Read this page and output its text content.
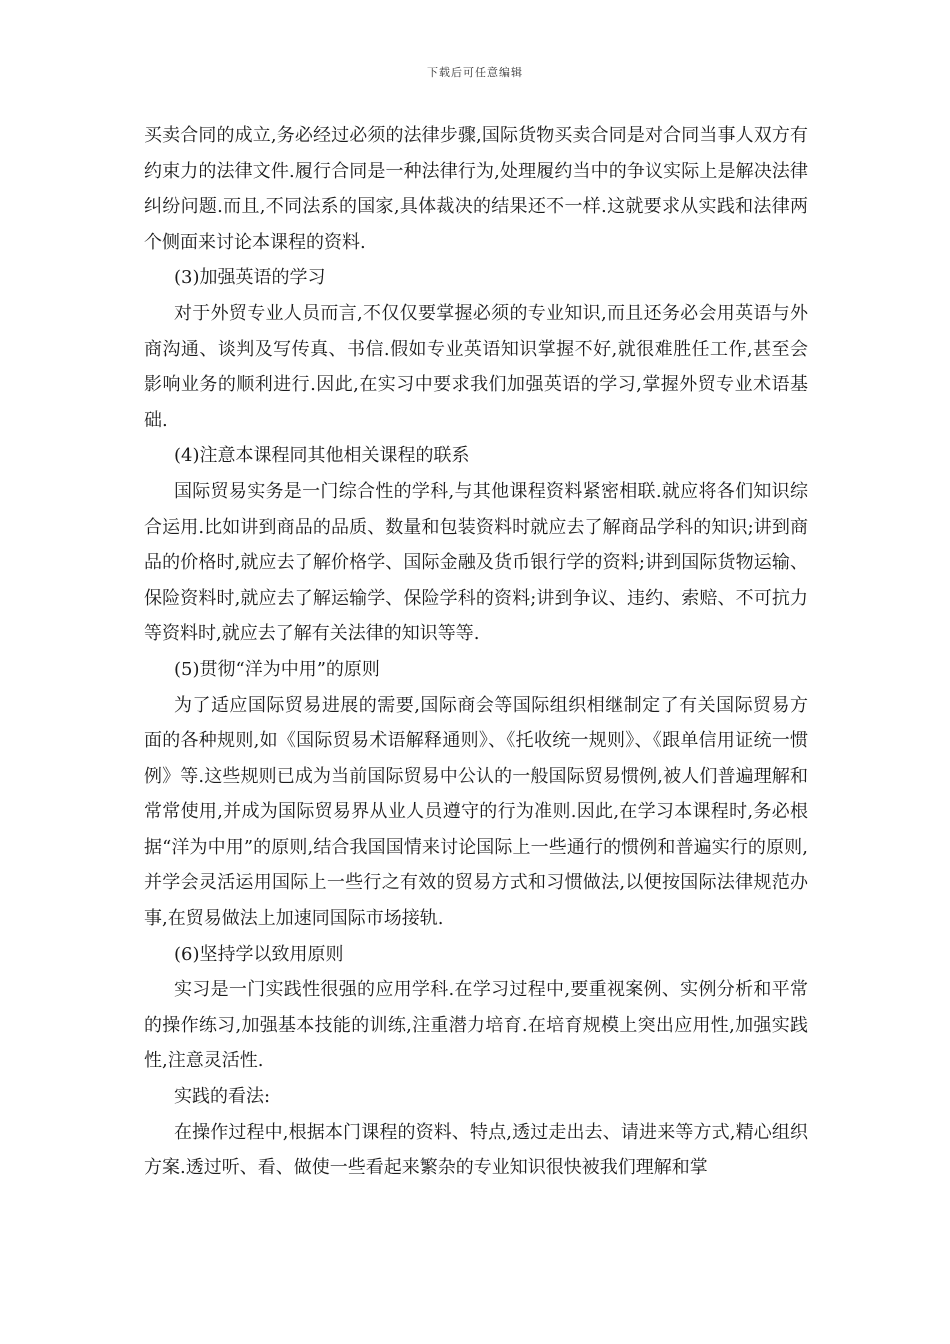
下载后可任意编辑

买卖合同的成立,务必经过必须的法律步骤,国际货物买卖合同是对合同当事人双方有约束力的法律文件.履行合同是一种法律行为,处理履约当中的争议实际上是解决法律纠纷问题.而且,不同法系的国家,具体裁决的结果还不一样.这就要求从实践和法律两个侧面来讨论本课程的资料.

(3)加强英语的学习

对于外贸专业人员而言,不仅仅要掌握必须的专业知识,而且还务必会用英语与外商沟通、谈判及写传真、书信.假如专业英语知识掌握不好,就很难胜任工作,甚至会影响业务的顺利进行.因此,在实习中要求我们加强英语的学习,掌握外贸专业术语基础.

(4)注意本课程同其他相关课程的联系

国际贸易实务是一门综合性的学科,与其他课程资料紧密相联.就应将各们知识综合运用.比如讲到商品的品质、数量和包装资料时就应去了解商品学科的知识;讲到商品的价格时,就应去了解价格学、国际金融及货币银行学的资料;讲到国际货物运输、保险资料时,就应去了解运输学、保险学科的资料;讲到争议、违约、索赔、不可抗力等资料时,就应去了解有关法律的知识等等.

(5)贯彻“洋为中用”的原则

为了适应国际贸易进展的需要,国际商会等国际组织相继制定了有关国际贸易方面的各种规则,如《国际贸易术语解释通则》、《托收统一规则》、《跟单信用证统一惯例》等.这些规则已成为当前国际贸易中公认的一般国际贸易惯例,被人们普遍理解和常常使用,并成为国际贸易界从业人员遵守的行为准则.因此,在学习本课程时,务必根据“洋为中用”的原则,结合我国国情来讨论国际上一些通行的惯例和普遍实行的原则,并学会灵活运用国际上一些行之有效的贸易方式和习惯做法,以便按国际法律规范办事,在贸易做法上加速同国际市场接轨.

(6)坚持学以致用原则

实习是一门实践性很强的应用学科.在学习过程中,要重视案例、实例分析和平常的操作练习,加强基本技能的训练,注重潜力培育.在培育规模上突出应用性,加强实践性,注意灵活性.

实践的看法:

在操作过程中,根据本门课程的资料、特点,透过走出去、请进来等方式,精心组织方案.透过听、看、做使一些看起来繁杂的专业知识很快被我们理解和掌
